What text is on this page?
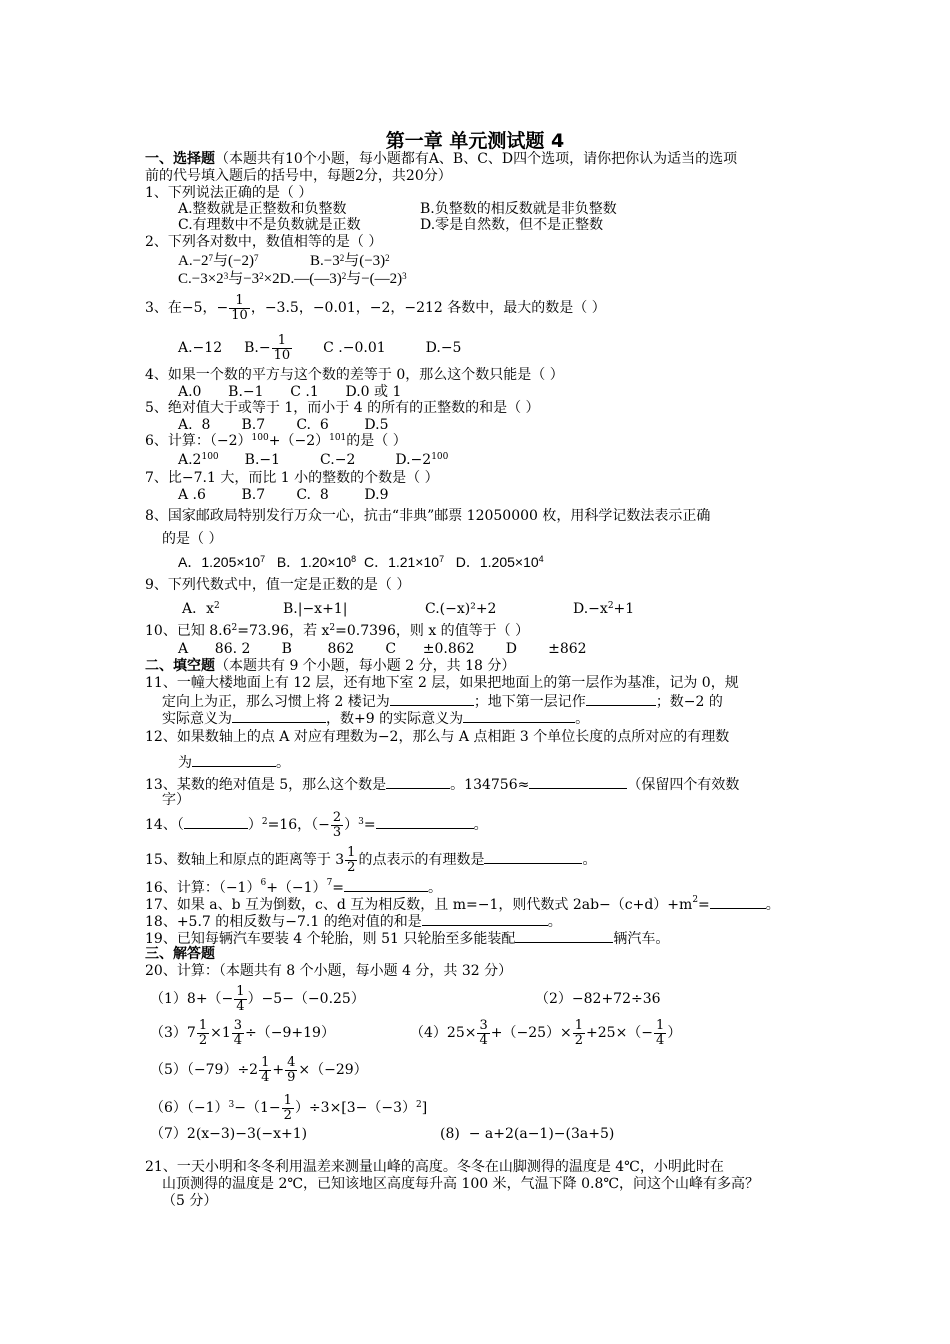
第一章 单元测试题 4
一、选择题（本题共有10个小题，每小题都有A、B、C、D四个选项，请你把你认为适当的选项
前的代号填入题后的括号中，每题2分，共20分）
1、下列说法正确的是（ ）
A.整数就是正整数和负整数	B.负整数的相反数就是非负整数
C.有理数中不是负数就是正数	D.零是自然数，但不是正整数
2、下列各对数中，数值相等的是（ ）
$A.-2^7$与$(-2)^7$	$B.-3^2$与$(-3)^2$
$C.-3\times 2^3$与$-3^2\times 2D.—(—3)^2$与−(—2)$^3$
3、在−5，− $\frac{1}{10}$ ，−3.5，−0.01，−2，−212 各数中，最大的数是（ ）
A.−12 $B.- \frac{1}{10}$ C .−0.01	D.−5
4、如果一个数的平方与这个数的差等于 0，那么这个数只能是（ ）
A.0      B.−1      C .1      D.0 或 1
5、绝对值大于或等于 1，而小于 4 的所有的正整数的和是（ ）
A.  8       B.7       C.  6        D.5
6、计算：$(-2)^{100}+(-2)^{101}$的是（ ）
$A.2^{100}$ B.−1	C.−2	$D.-2^{100}$
7、比−7.1 大，而比 1 小的整数的个数是（ ）
A .6        B.7       C.  8        D.9
8、国家邮政局特别发行万众一心，抗击“非典”邮票 12050000 枚，用科学记数法表示正确
的是（ ）
A．$1.205\times 10^7$ B．$1.20\times 10^8$ C．$1.21\times 10^7$ D．$1.205\times 10^4$
9、下列代数式中，值一定是正数的是（ ）
A．$x^2$	B.|−x+1|	C.(−x)²+2	$D.-x^2+1$
10、已知 $8.6^2=73.96$，若 $x^2=0.7396$，则 x 的值等于（ ）
A      86. 2       B        862       C      ±0.862       D       ±862
二、填空题（本题共有 9 个小题，每小题 2 分，共 18 分）
11、一幢大楼地面上有 12 层，还有地下室 2 层，如果把地面上的第一层作为基准，记为 0，规
定向上为正，那么习惯上将 2 楼记为	；地下第一层记作	；数−2 的
实际意义为	，数+9 的实际意义为	。
12、如果数轴上的点 A 对应有理数为−2，那么与 A 点相距 3 个单位长度的点所对应的有理数
为	。
13、某数的绝对值是 5，那么这个数是	。134756≈	（保留四个有效数
字）
14、（	）$^2$=16，（− $\frac{2}{3} )^3=$	。
15、数轴上和原点的距离等于 $3 \frac{1}{2}$ 的点表示的有理数是	。
16、计算：$(-1)^6+(-1)^7=$	。
17、如果 a、b 互为倒数，c、d 互为相反数，且 m=−1，则代数式 $2ab-(c+d)+m^2=$	。
18、+5.7 的相反数与−7.1 的绝对值的和是	。
19、已知每辆汽车要装 4 个轮胎，则 51 只轮胎至多能装配	辆汽车。
三、解答题
20、计算：（本题共有 8 个小题，每小题 4 分，共 32 分）
$(1)8+(- \frac{1}{4} )-5-(-0.25)$	（2）−82+72÷36
$(3)7 \frac{1}{2} \times 1 \frac{3}{4} \div(-9+19)$	$(4)25\times \frac{3}{4} +(-25)\times \frac{1}{2} +25\times(- \frac{1}{4}$ ）
$(5)(-79)\div 2 \frac{1}{4} + \frac{4}{9} \times(-29)$
$(6)(-1)^3-(1- \frac{1}{2} )\div 3\times[3-(-3)^2]$
（7）2(x−3)−3(−x+1)	(8)  − a+2(a−1)−(3a+5)
21、一天小明和冬冬利用温差来测量山峰的高度。冬冬在山脚测得的温度是 4℃，小明此时在
山顶测得的温度是 2℃，已知该地区高度每升高 100 米，气温下降 0.8℃，问这个山峰有多高？
（5 分）
